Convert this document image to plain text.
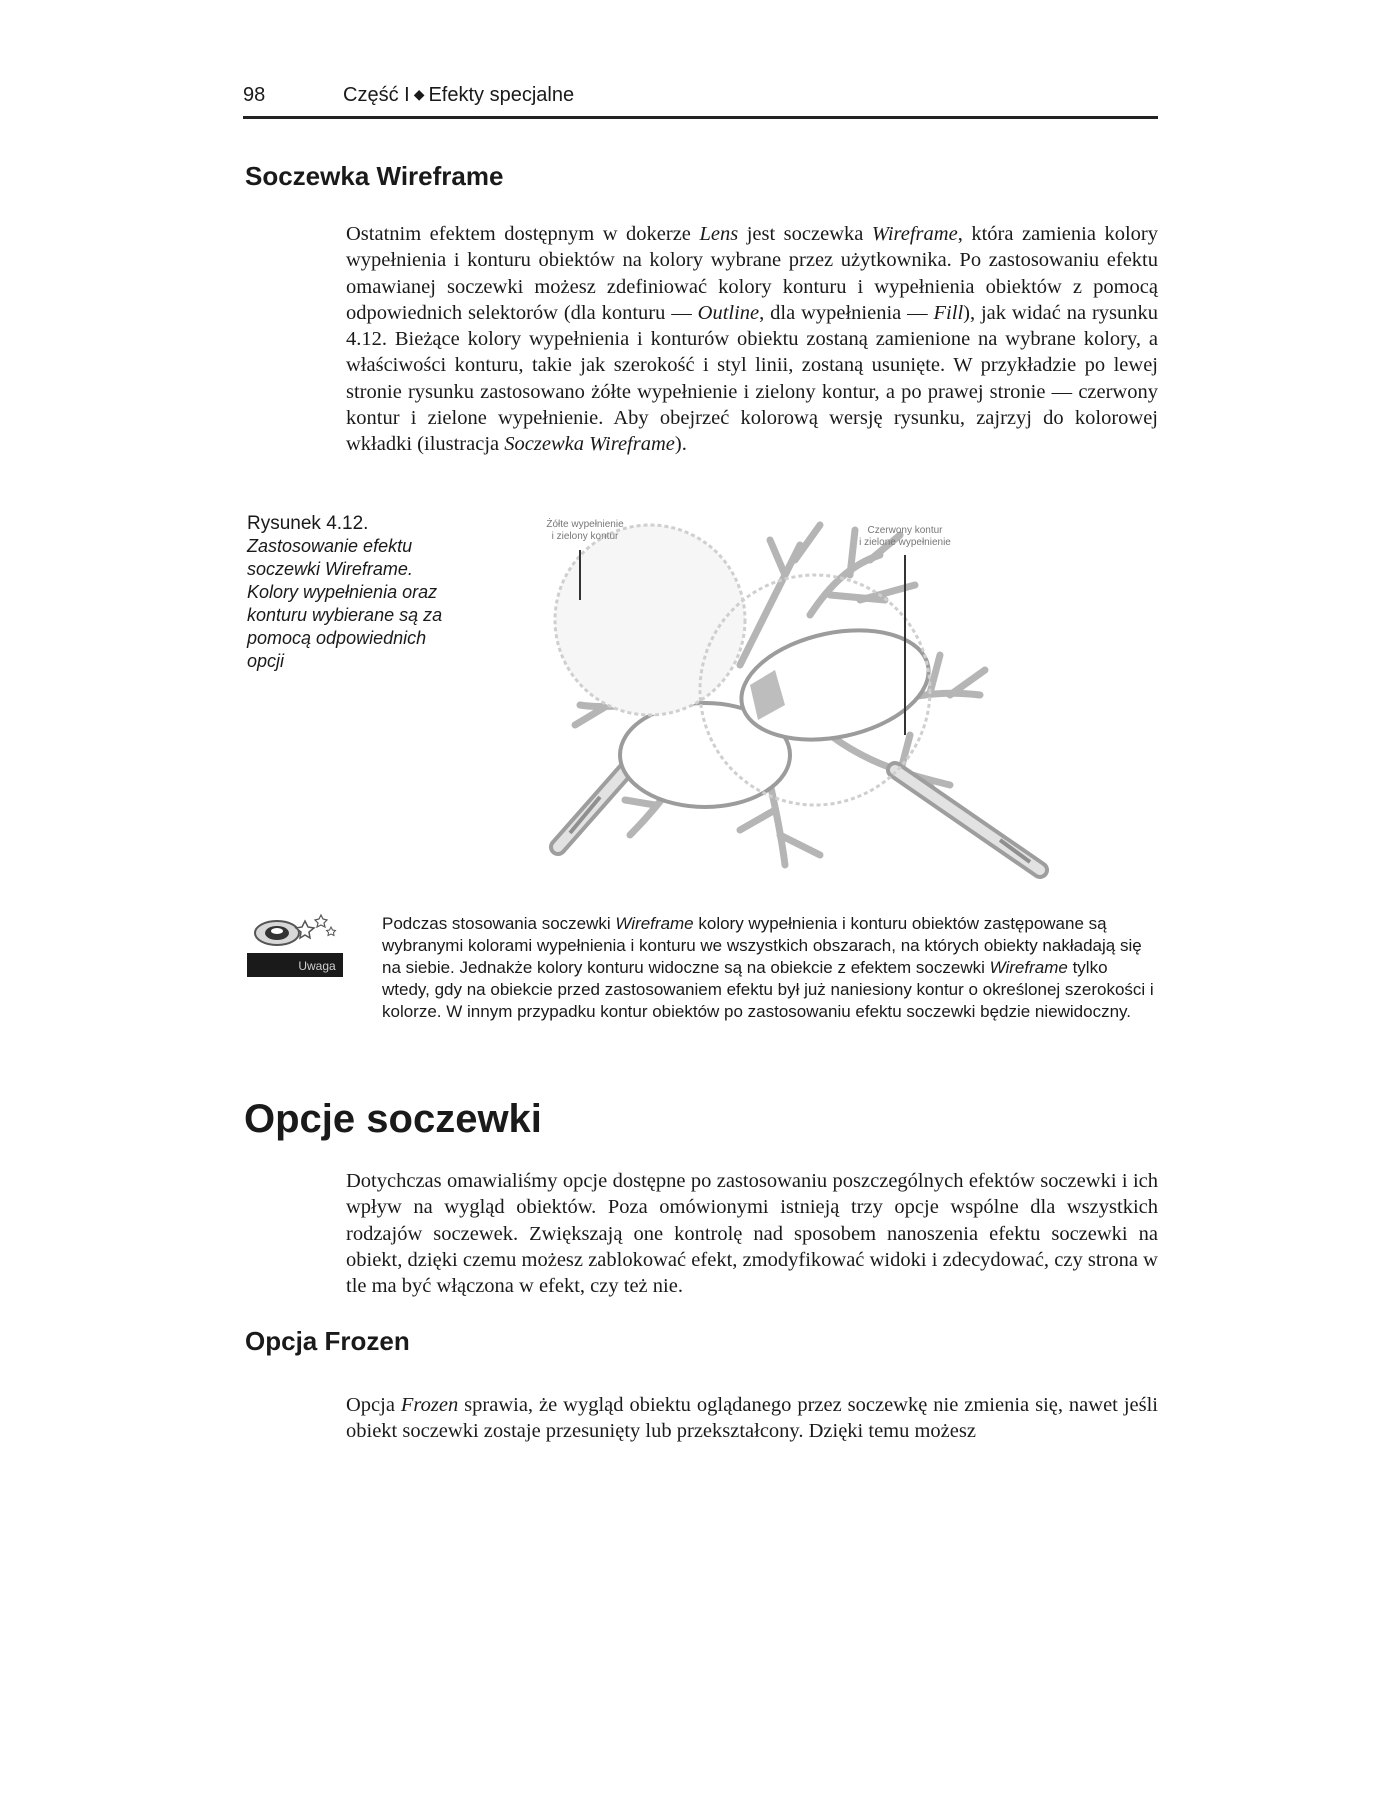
98	Część I ◆ Efekty specjalne
Soczewka Wireframe

Ostatnim efektem dostępnym w dokerze Lens jest soczewka Wireframe, która zamienia kolory wypełnienia i konturu obiektów na kolory wybrane przez użytkownika. Po zastosowaniu efektu omawianej soczewki możesz zdefiniować kolory konturu i wypełnienia obiektów z pomocą odpowiednich selektorów (dla konturu — Outline, dla wypełnienia — Fill), jak widać na rysunku 4.12. Bieżące kolory wypełnienia i konturów obiektu zostaną zamienione na wybrane kolory, a właściwości konturu, takie jak szerokość i styl linii, zostaną usunięte. W przykładzie po lewej stronie rysunku zastosowano żółte wypełnienie i zielony kontur, a po prawej stronie — czerwony kontur i zielone wypełnienie. Aby obejrzeć kolorową wersję rysunku, zajrzyj do kolorowej wkładki (ilustracja Soczewka Wireframe).

Rysunek 4.12.
Zastosowanie efektu soczewki Wireframe. Kolory wypełnienia oraz konturu wybierane są za pomocą odpowiednich opcji
Żółte wypełnienie
i zielony kontur
Czerwony kontur
i zielone wypełnienie
Uwaga

Podczas stosowania soczewki Wireframe kolory wypełnienia i konturu obiektów zastępowane są wybranymi kolorami wypełnienia i konturu we wszystkich obszarach, na których obiekty nakładają się na siebie. Jednakże kolory konturu widoczne są na obiekcie z efektem soczewki Wireframe tylko wtedy, gdy na obiekcie przed zastosowaniem efektu był już naniesiony kontur o określonej szerokości i kolorze. W innym przypadku kontur obiektów po zastosowaniu efektu soczewki będzie niewidoczny.

Opcje soczewki

Dotychczas omawialiśmy opcje dostępne po zastosowaniu poszczególnych efektów soczewki i ich wpływ na wygląd obiektów. Poza omówionymi istnieją trzy opcje wspólne dla wszystkich rodzajów soczewek. Zwiększają one kontrolę nad sposobem nanoszenia efektu soczewki na obiekt, dzięki czemu możesz zablokować efekt, zmodyfikować widoki i zdecydować, czy strona w tle ma być włączona w efekt, czy też nie.

Opcja Frozen

Opcja Frozen sprawia, że wygląd obiektu oglądanego przez soczewkę nie zmienia się, nawet jeśli obiekt soczewki zostaje przesunięty lub przekształcony. Dzięki temu możesz
